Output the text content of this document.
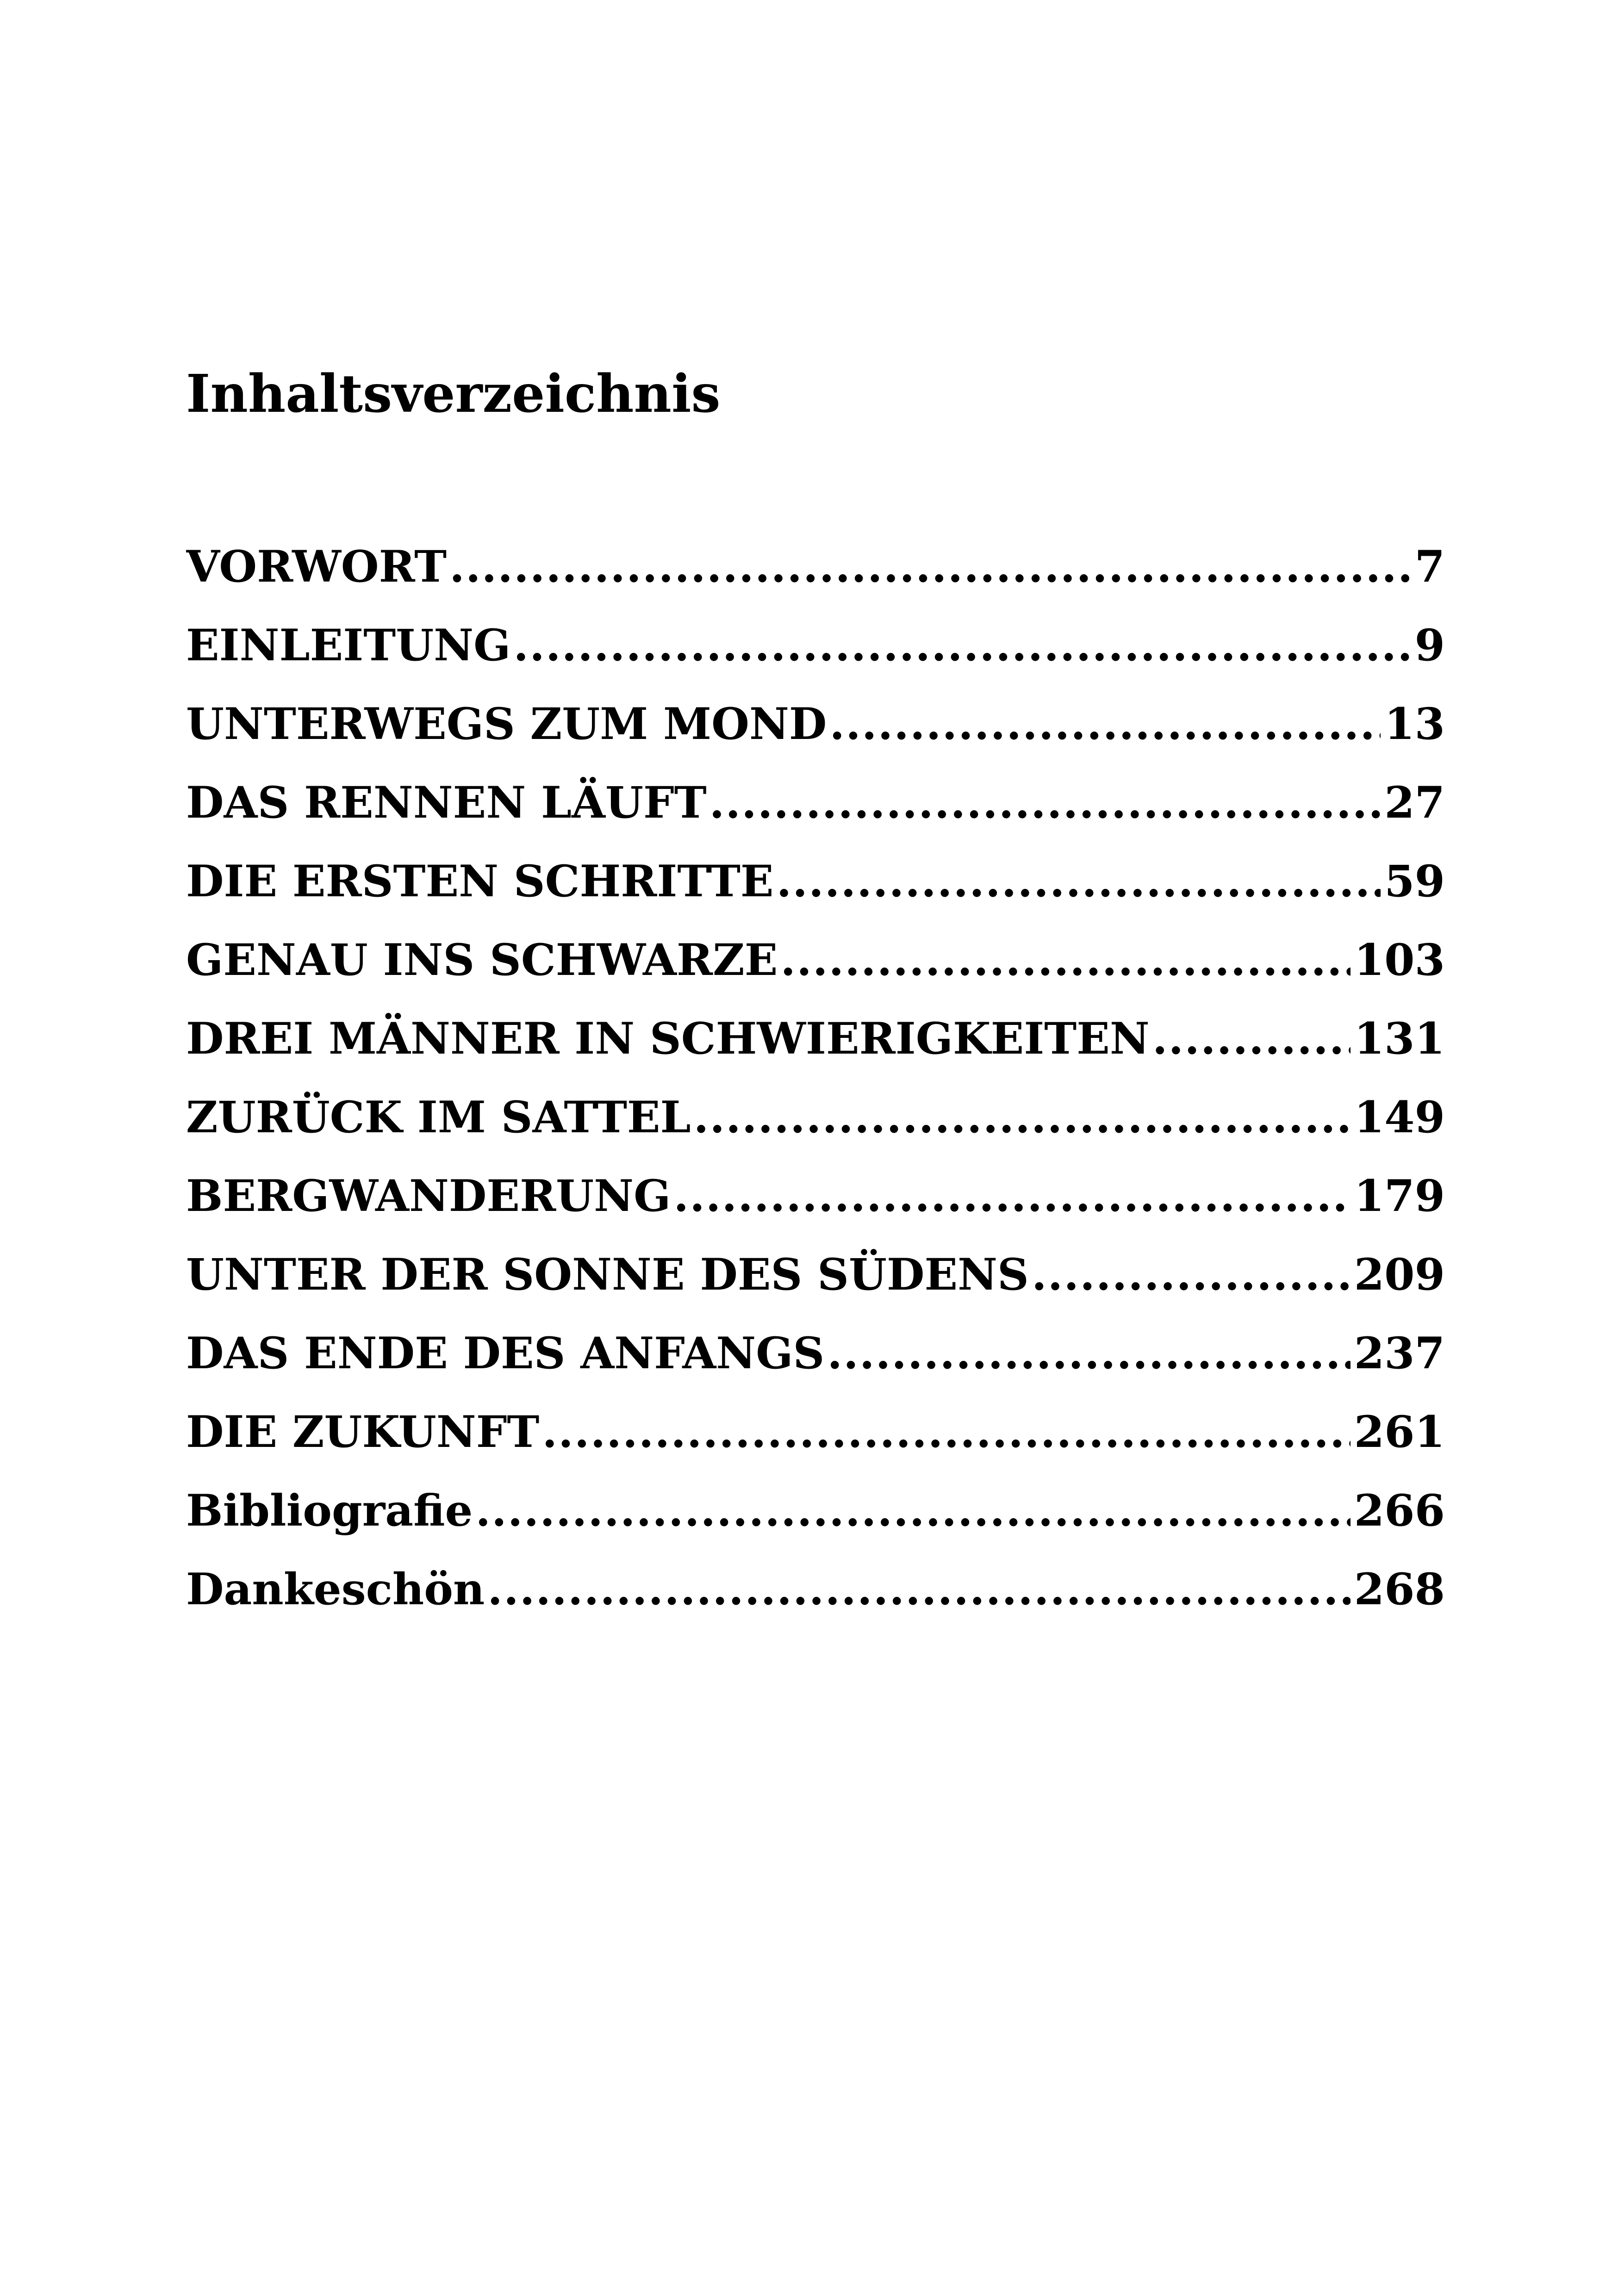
Inhaltsverzeichnis
VORWORT .....	7
EINLEITUNG .....	9
UNTERWEGS ZUM MOND .....	13
DAS RENNEN LÄUFT .....	27
DIE ERSTEN SCHRITTE .....	59
GENAU INS SCHWARZE .....	103
DREI MÄNNER IN SCHWIERIGKEITEN .....	131
ZURÜCK IM SATTEL .....	149
BERGWANDERUNG .....	179
UNTER DER SONNE DES SÜDENS .....	209
DAS ENDE DES ANFANGS .....	237
DIE ZUKUNFT .....	261
Bibliografie .....	266
Dankeschön .....	268
